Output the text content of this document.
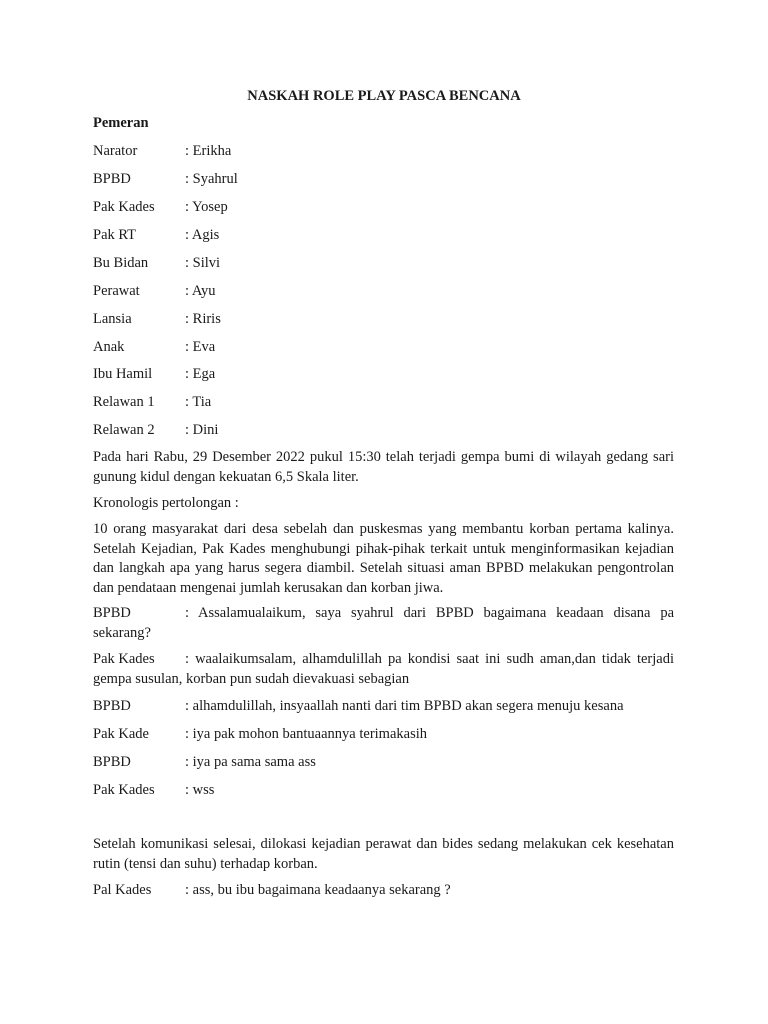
NASKAH ROLE PLAY PASCA BENCANA
Pemeran
Narator	: Erikha
BPBD	: Syahrul
Pak Kades : Yosep
Pak RT	: Agis
Bu Bidan	: Silvi
Perawat	: Ayu
Lansia	: Riris
Anak	: Eva
Ibu Hamil : Ega
Relawan 1 : Tia
Relawan 2 : Dini
Pada hari Rabu, 29 Desember 2022 pukul 15:30 telah terjadi gempa bumi di wilayah gedang sari gunung kidul dengan kekuatan 6,5 Skala liter.
Kronologis pertolongan :
10 orang masyarakat dari desa sebelah dan puskesmas yang membantu korban pertama kalinya. Setelah Kejadian, Pak Kades menghubungi pihak-pihak terkait untuk menginformasikan kejadian dan langkah apa yang harus segera diambil. Setelah situasi aman BPBD melakukan pengontrolan dan pendataan mengenai jumlah kerusakan dan korban jiwa.
BPBD	: Assalamualaikum, saya syahrul dari BPBD bagaimana keadaan disana pa sekarang?
Pak Kades : waalaikumsalam, alhamdulillah pa kondisi saat ini sudh aman,dan tidak terjadi gempa susulan, korban pun sudah dievakuasi sebagian
BPBD	: alhamdulillah, insyaallah nanti dari tim BPBD akan segera menuju kesana
Pak Kade : iya pak mohon bantuaannya terimakasih
BPBD	: iya pa sama sama ass
Pak Kades : wss
Setelah komunikasi selesai, dilokasi kejadian perawat dan bides sedang melakukan cek kesehatan rutin (tensi dan suhu) terhadap korban.
Pal Kades : ass, bu ibu bagaimana keadaanya sekarang ?
